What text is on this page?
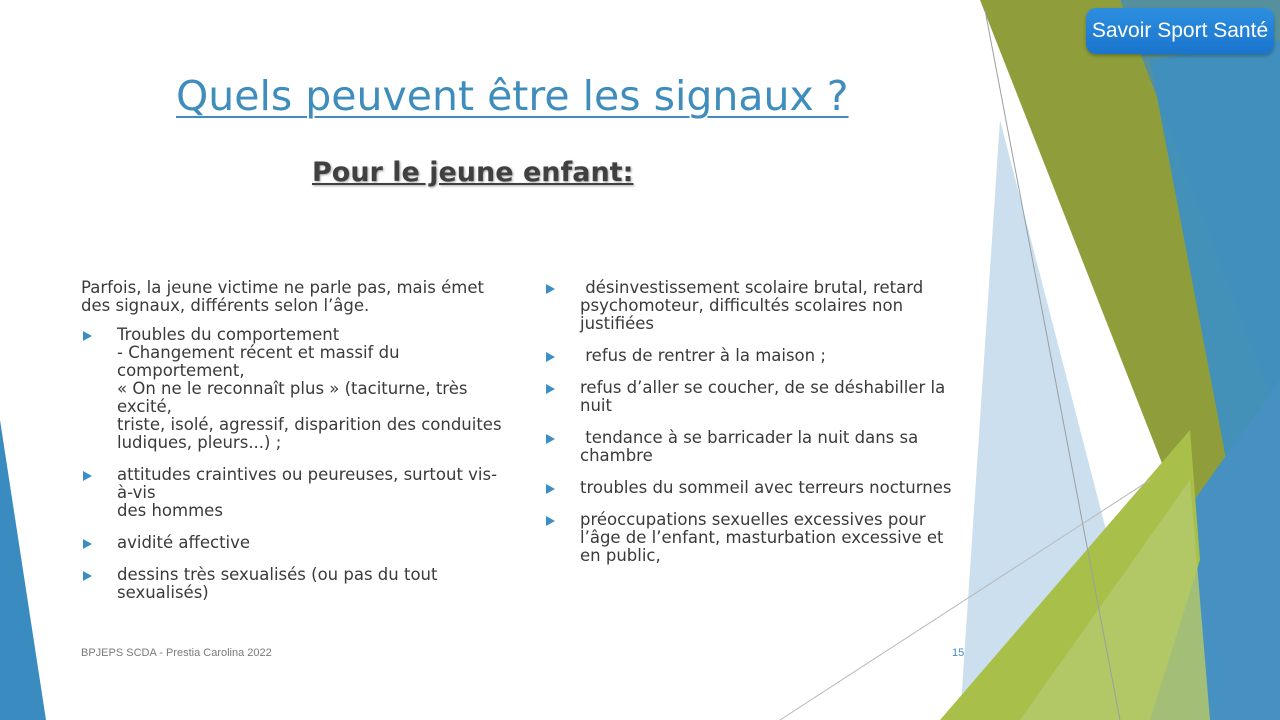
Savoir Sport Santé
Quels peuvent être les signaux ?
Pour le jeune enfant:

Parfois, la jeune victime ne parle pas, mais émet des signaux, différents selon l’âge.

Troubles du comportement
- Changement récent et massif du comportement,
« On ne le reconnaît plus » (taciturne, très excité,
triste, isolé, agressif, disparition des conduites
ludiques, pleurs...) ;
attitudes craintives ou peureuses, surtout vis-à-vis
des hommes
avidité affective
dessins très sexualisés (ou pas du tout sexualisés)
désinvestissement scolaire brutal, retard psychomoteur, difficultés scolaires non justifiées
refus de rentrer à la maison ;
refus d’aller se coucher, de se déshabiller la nuit
tendance à se barricader la nuit dans sa chambre
troubles du sommeil avec terreurs nocturnes
préoccupations sexuelles excessives pour l’âge de l’enfant, masturbation excessive et en public,
BPJEPS SCDA - Prestia Carolina 2022	15
